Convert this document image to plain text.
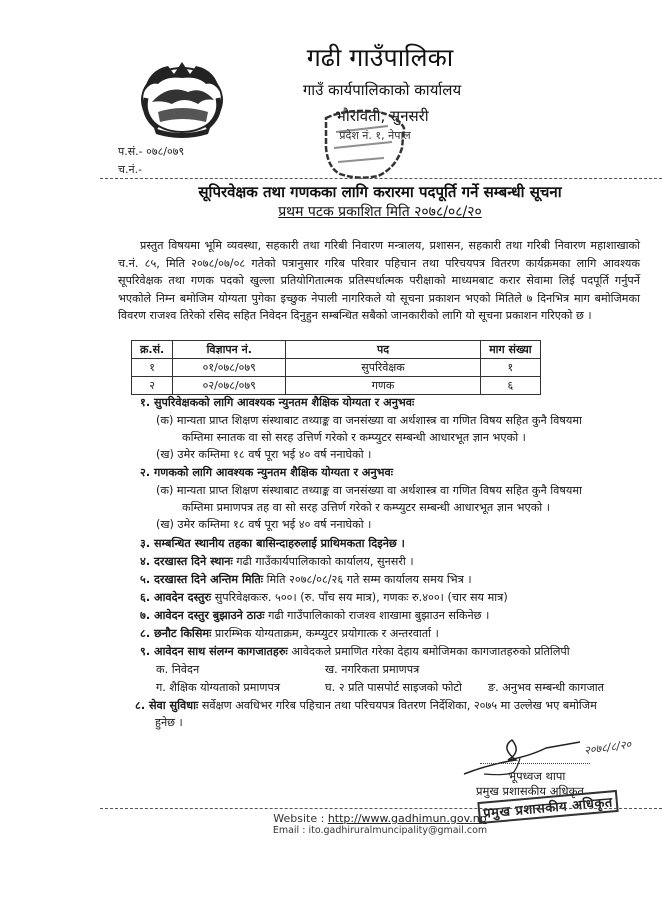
गढी गाउँपालिका
गाउँ कार्यपालिकाको कार्यालय
भौरावती, सुनसरी
प्रदेश नं. १, नेपाल
प.सं.- ०७८/०७९
च.नं.-
सूपिरवेक्षक तथा गणकका लागि करारमा पदपूर्ति गर्ने सम्बन्धी सूचना
प्रथम पटक प्रकाशित मिति २०७८/०८/२०
प्रस्तुत विषयमा भूमि व्यवस्था, सहकारी तथा गरिबी निवारण मन्त्रालय, प्रशासन, सहकारी तथा गरिबी निवारण महाशाखाको च.नं. ८५, मिति २०७८/०७/०८ गतेको पत्रानुसार गरिब परिवार पहिचान तथा परिचयपत्र वितरण कार्यक्रमका लागि आवश्यक सूपरिवेक्षक तथा गणक पदको खुल्ला प्रतियोगितात्मक प्रतिस्पर्धात्मक परीक्षाको माध्यमबाट करार सेवामा लिई पदपूर्ति गर्नुपर्ने भएकोले निम्न बमोजिम योग्यता पुगेका इच्छुक नेपाली नागरिकले यो सूचना प्रकाशन भएको मितिले ७ दिनभित्र माग बमोजिमका विवरण राजश्व तिरेको रसिद सहित निवेदन दिनुहुन सम्बन्धित सबैको जानकारीको लागि यो सूचना प्रकाशन गरिएको छ ।
क्र.सं.	विज्ञापन नं.	पद	माग संख्या
१	०१/०७८/०७९	सुपरिवेक्षक	१
२	०२/०७८/०७९	गणक	६
१. सुपरिवेक्षकको लागि आवश्यक न्युनतम शैक्षिक योग्यता र अनुभवः
(क) मान्यता प्राप्त शिक्षण संस्थाबाट तथ्याङ्क वा जनसंख्या वा अर्थशास्त्र वा गणित विषय सहित कुनै विषयमा
कम्तिमा स्नातक वा सो सरह उत्तिर्ण गरेको र कम्प्युटर सम्बन्धी आधारभूत ज्ञान भएको ।
(ख) उमेर कम्तिमा १८ वर्ष पूरा भई ४० वर्ष ननाघेको ।
२. गणकको लागि आवश्यक न्युनतम शैक्षिक योग्यता र अनुभवः
(क) मान्यता प्राप्त शिक्षण संस्थाबाट तथ्याङ्क वा जनसंख्या वा अर्थशास्त्र वा गणित विषय सहित कुनै विषयमा
कम्तिमा प्रमाणपत्र तह वा सो सरह उत्तिर्ण गरेको र कम्प्युटर सम्बन्धी आधारभूत ज्ञान भएको ।
(ख) उमेर कम्तिमा १८ वर्ष पूरा भई ४० वर्ष ननाघेको ।
३. सम्बन्धित स्थानीय तहका बासिन्दाहरुलाई प्राथिमकता दिइनेछ ।
४. दरखास्त दिने स्थानः गढी गाउँकार्यपालिकाको कार्यालय, सुनसरी ।
५. दरखास्त दिने अन्तिम मितिः मिति २०७८/०८/२६ गते सम्म कार्यालय समय भित्र ।
६. आवदेन दस्तुरः सुपरिवेक्षकःरु. ५००। (रु. पाँच सय मात्र), गणकः रु.४००। (चार सय मात्र)
७. आवेदन दस्तुर बुझाउने ठाउः गढी गाउँपालिकाको राजश्व शाखामा बुझाउन सकिनेछ ।
८. छनौट किसिमः प्रारम्भिक योग्यताक्रम, कम्प्युटर प्रयोगात्क र अन्तरवार्ता ।
९. आवेदन साथ संलग्न कागजातहरुः आवेदकले प्रमाणित गरेका देहाय बमोजिमका कागजातहरुको प्रतिलिपी
क. निवेदन	ख. नगरिकता प्रमाणपत्र
ग. शैक्षिक योग्यताको प्रमाणपत्र	घ. २ प्रति पासपोर्ट साइजको फोटो ङ. अनुभव सम्बन्धी कागजात
८. सेवा सुविधाः सर्वेक्षण अवधिभर गरिब पहिचान तथा परिचयपत्र वितरण निर्देशिका, २०७५ मा उल्लेख भए बमोजिम
हुनेछ ।
२०७८/८/२०
भूपध्वज थापा
प्रमुख प्रशासकीय अधिकृत
प्रमुख प्रशासकीय अधिकृत
Website : http://www.gadhimun.gov.np
Email : ito.gadhiruralmuncipality@gmail.com
